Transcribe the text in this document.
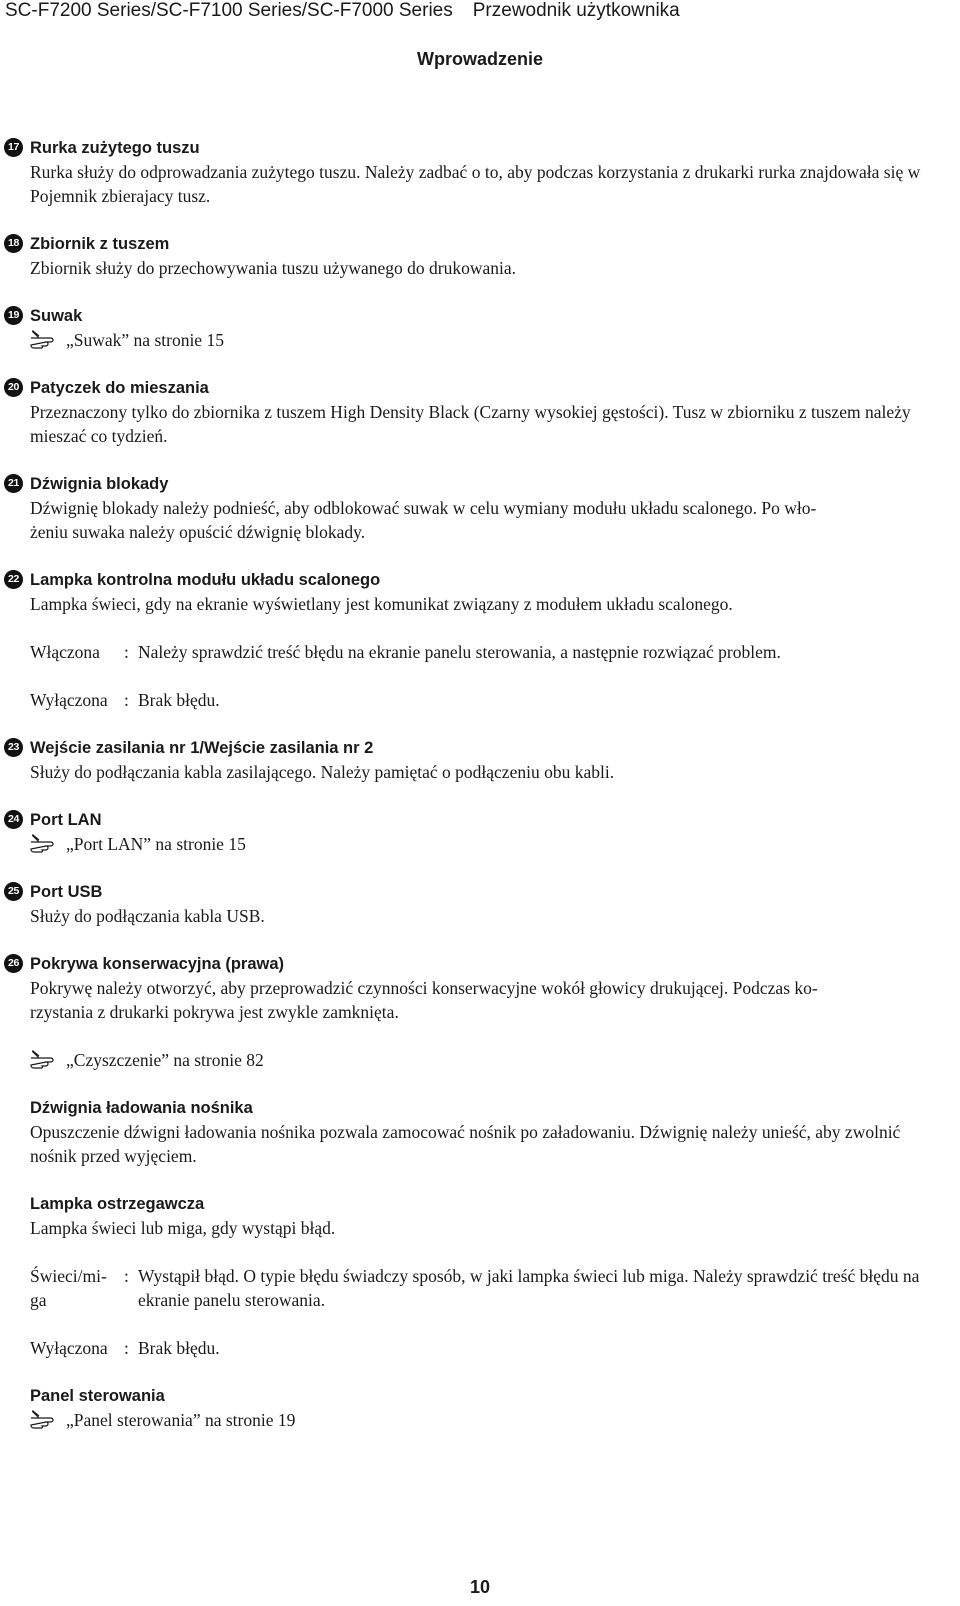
SC-F7200 Series/SC-F7100 Series/SC-F7000 Series Przewodnik użytkownika
Wprowadzenie
17 Rurka zużytego tuszu
Rurka służy do odprowadzania zużytego tuszu. Należy zadbać o to, aby podczas korzystania z drukarki rurka znajdowała się w Pojemnik zbierajacy tusz.
18 Zbiornik z tuszem
Zbiornik służy do przechowywania tuszu używanego do drukowania.
19 Suwak
„Suwak” na stronie 15
20 Patyczek do mieszania
Przeznaczony tylko do zbiornika z tuszem High Density Black (Czarny wysokiej gęstości). Tusz w zbiorniku z tuszem należy mieszać co tydzień.
21 Dźwignia blokady
Dźwignię blokady należy podnieść, aby odblokować suwak w celu wymiany modułu układu scalonego. Po wło-
żeniu suwaka należy opuścić dźwignię blokady.
22 Lampka kontrolna modułu układu scalonego
Lampka świeci, gdy na ekranie wyświetlany jest komunikat związany z modułem układu scalonego.
Włączona	: Należy sprawdzić treść błędu na ekranie panelu sterowania, a następnie rozwiązać problem.
Wyłączona : Brak błędu.
23 Wejście zasilania nr 1/Wejście zasilania nr 2
Służy do podłączania kabla zasilającego. Należy pamiętać o podłączeniu obu kabli.
24 Port LAN
„Port LAN” na stronie 15
25 Port USB
Służy do podłączania kabla USB.
26 Pokrywa konserwacyjna (prawa)
Pokrywę należy otworzyć, aby przeprowadzić czynności konserwacyjne wokół głowicy drukującej. Podczas ko-
rzystania z drukarki pokrywa jest zwykle zamknięta.
„Czyszczenie” na stronie 82
Dźwignia ładowania nośnika
Opuszczenie dźwigni ładowania nośnika pozwala zamocować nośnik po załadowaniu. Dźwignię należy unieść, aby zwolnić nośnik przed wyjęciem.
Lampka ostrzegawcza
Lampka świeci lub miga, gdy wystąpi błąd.
Świeci/mi- :
ga
Wystąpił błąd. O typie błędu świadczy sposób, w jaki lampka świeci lub miga. Należy sprawdzić treść błędu na ekranie panelu sterowania.
Wyłączona : Brak błędu.
Panel sterowania
„Panel sterowania” na stronie 19
10
